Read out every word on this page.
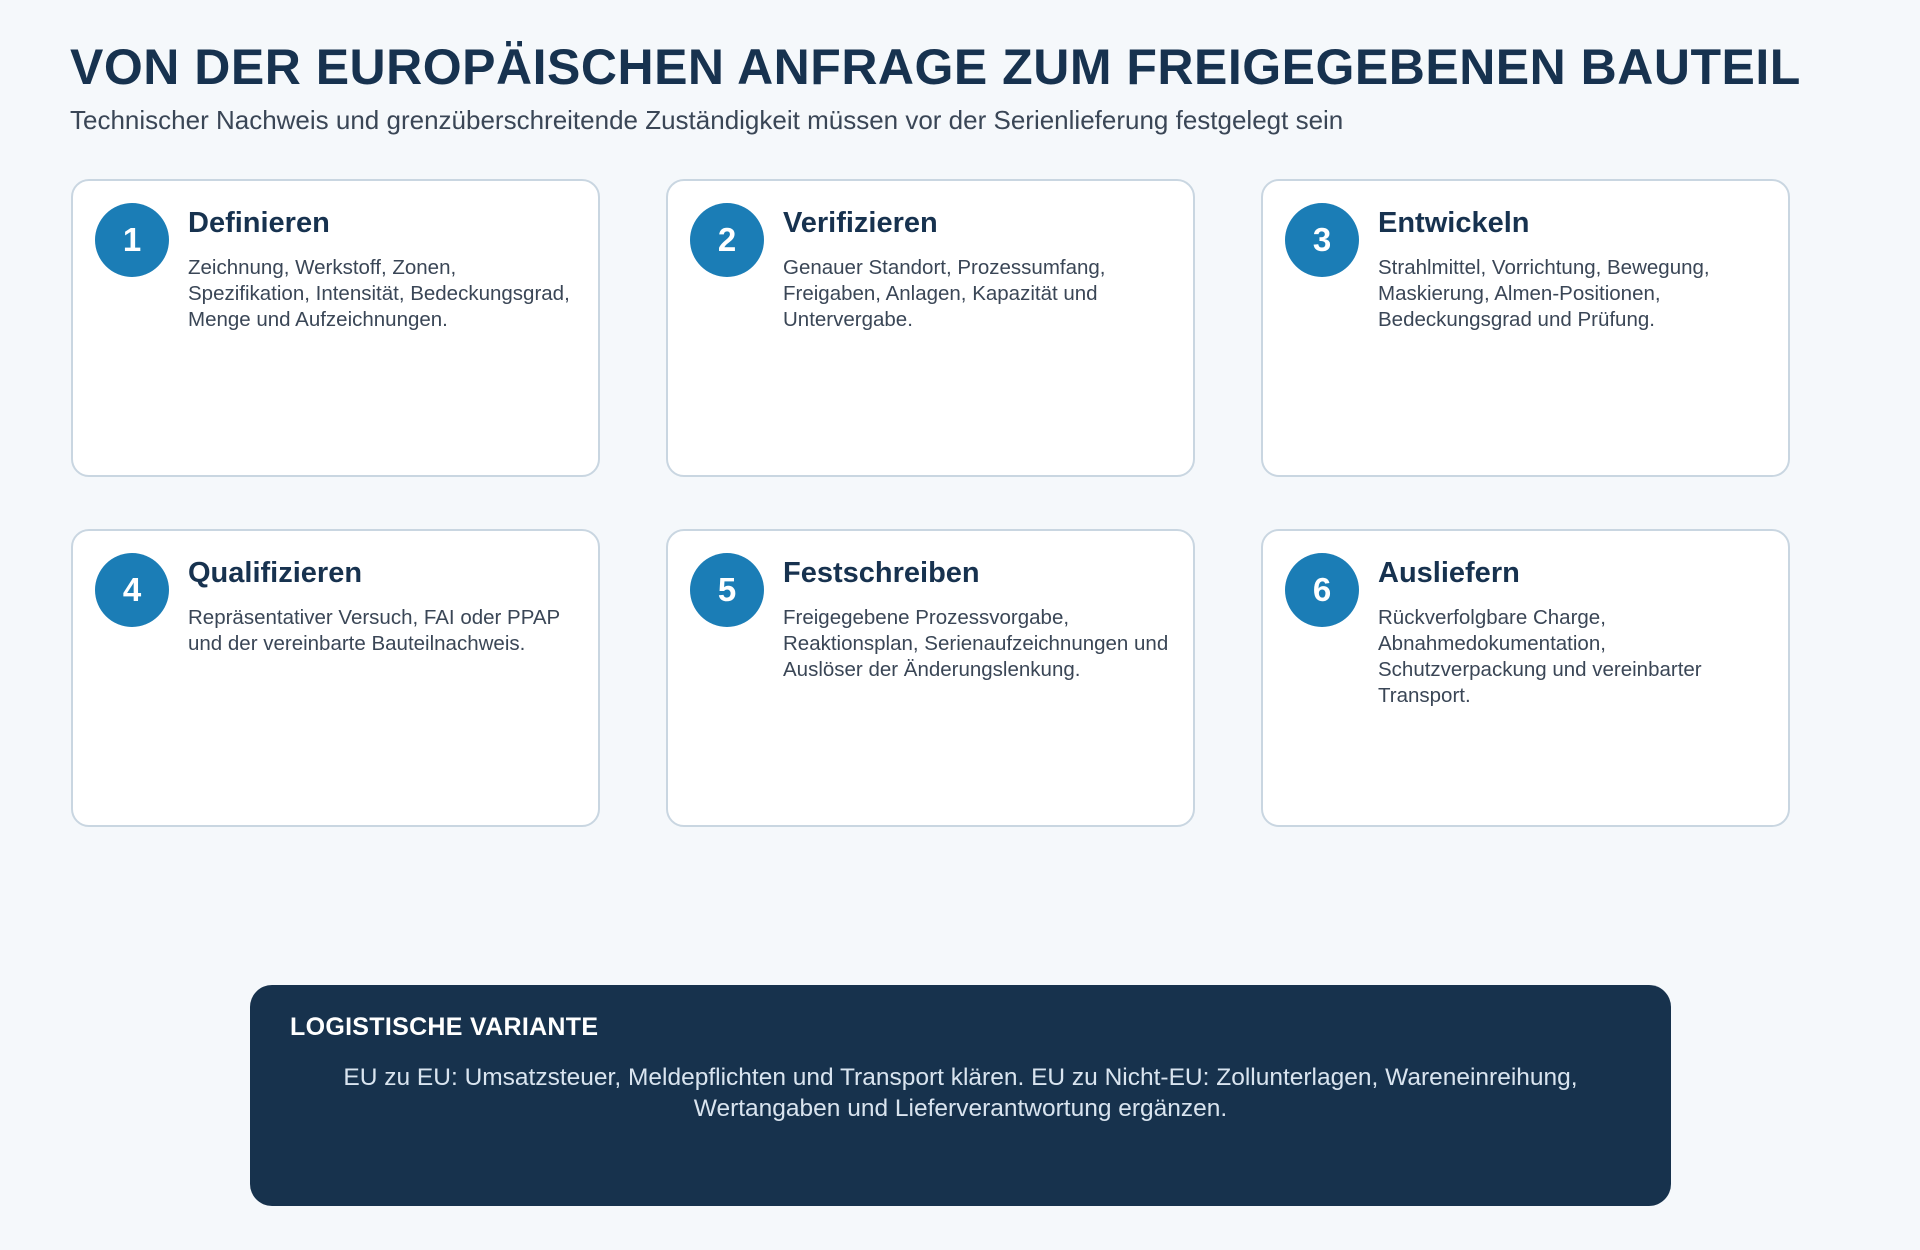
VON DER EUROPÄISCHEN ANFRAGE ZUM FREIGEGEBENEN BAUTEIL
Technischer Nachweis und grenzüberschreitende Zuständigkeit müssen vor der Serienlieferung festgelegt sein
1	Definieren
Zeichnung, Werkstoff, Zonen, Spezifikation, Intensität, Bedeckungsgrad, Menge und Aufzeichnungen.
2	Verifizieren
Genauer Standort, Prozessumfang, Freigaben, Anlagen, Kapazität und Untervergabe.
3	Entwickeln
Strahlmittel, Vorrichtung, Bewegung, Maskierung, Almen-Positionen, Bedeckungsgrad und Prüfung.
4	Qualifizieren
Repräsentativer Versuch, FAI oder PPAP und der vereinbarte Bauteilnachweis.
5	Festschreiben
Freigegebene Prozessvorgabe, Reaktionsplan, Serienaufzeichnungen und Auslöser der Änderungslenkung.
6	Ausliefern
Rückverfolgbare Charge, Abnahmedokumentation, Schutzverpackung und vereinbarter Transport.
LOGISTISCHE VARIANTE
EU zu EU: Umsatzsteuer, Meldepflichten und Transport klären. EU zu Nicht-EU: Zollunterlagen, Wareneinreihung, Wertangaben und Lieferverantwortung ergänzen.
